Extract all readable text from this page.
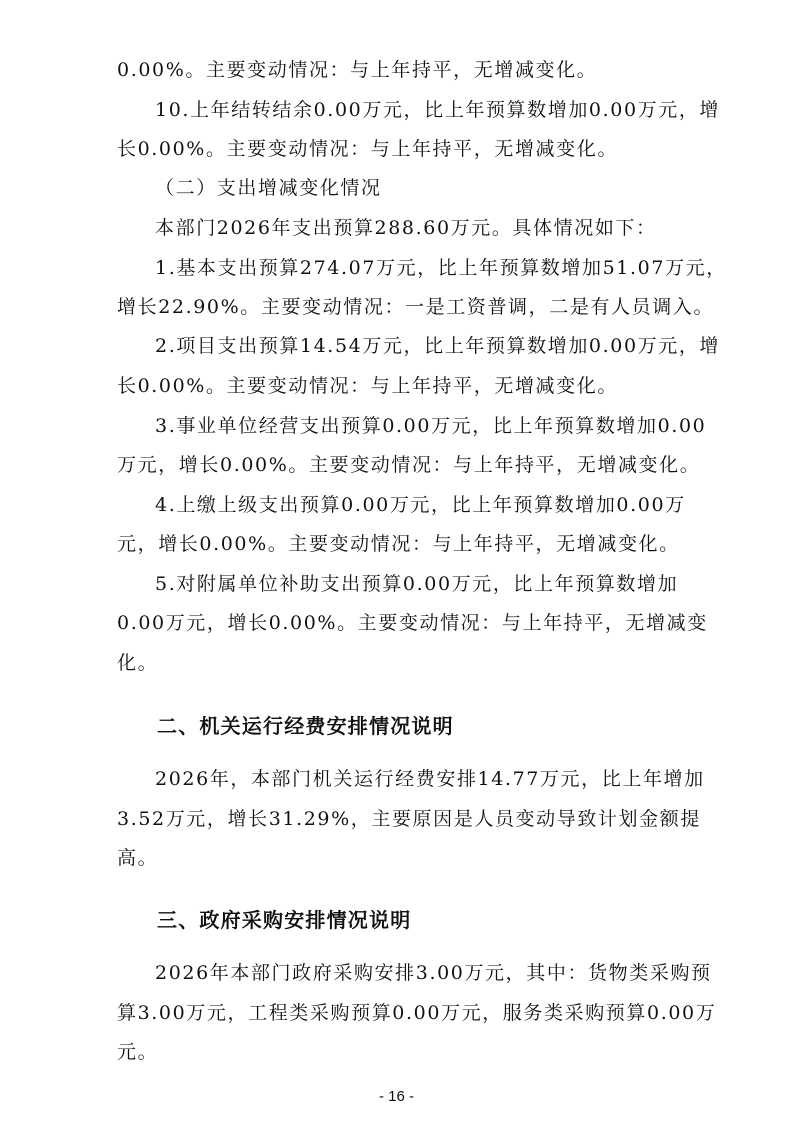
0.00%。主要变动情况：与上年持平，无增减变化。
10.上年结转结余0.00万元，比上年预算数增加0.00万元，增
长0.00%。主要变动情况：与上年持平，无增减变化。
（二）支出增减变化情况
本部门2026年支出预算288.60万元。具体情况如下：
1.基本支出预算274.07万元，比上年预算数增加51.07万元，
增长22.90%。主要变动情况：一是工资普调，二是有人员调入。
2.项目支出预算14.54万元，比上年预算数增加0.00万元，增
长0.00%。主要变动情况：与上年持平，无增减变化。
3.事业单位经营支出预算0.00万元，比上年预算数增加0.00
万元，增长0.00%。主要变动情况：与上年持平，无增减变化。
4.上缴上级支出预算0.00万元，比上年预算数增加0.00万
元，增长0.00%。主要变动情况：与上年持平，无增减变化。
5.对附属单位补助支出预算0.00万元，比上年预算数增加
0.00万元，增长0.00%。主要变动情况：与上年持平，无增减变
化。
二、机关运行经费安排情况说明
2026年，本部门机关运行经费安排14.77万元，比上年增加
3.52万元，增长31.29%，主要原因是人员变动导致计划金额提
高。
三、政府采购安排情况说明
2026年本部门政府采购安排3.00万元，其中：货物类采购预
算3.00万元，工程类采购预算0.00万元，服务类采购预算0.00万
元。
- 16 -
